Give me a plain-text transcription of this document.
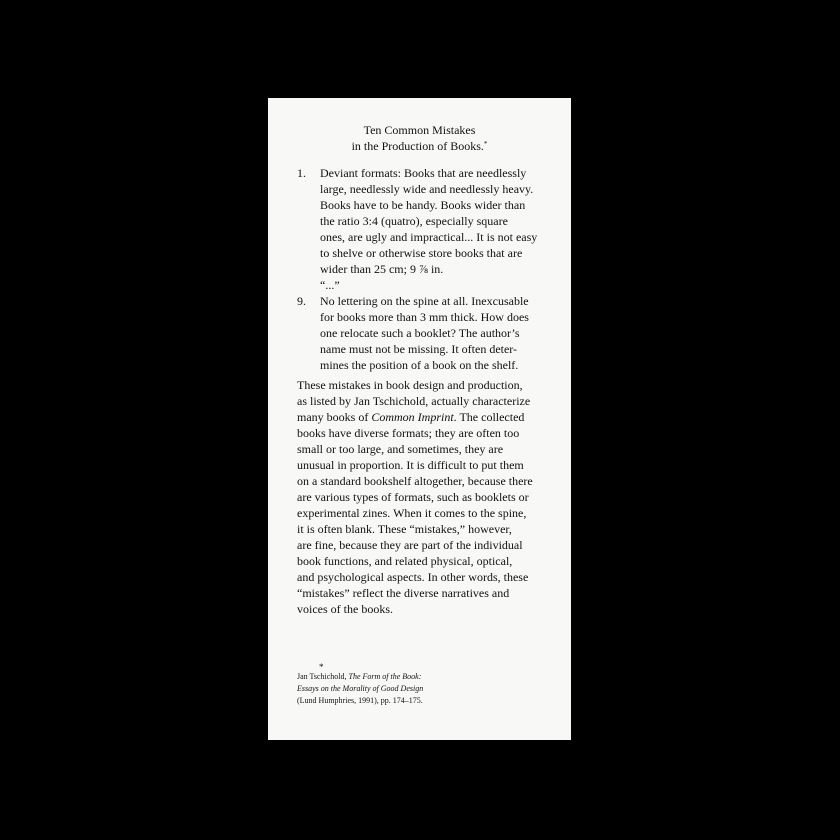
Ten Common Mistakes
in the Production of Books.*
1. Deviant formats: Books that are needlessly
large, needlessly wide and needlessly heavy.
Books have to be handy. Books wider than
the ratio 3:4 (quatro), especially square
ones, are ugly and impractical... It is not easy
to shelve or otherwise store books that are
wider than 25 cm; 9 ⅞ in.
“...”
9. No lettering on the spine at all. Inexcusable
for books more than 3 mm thick. How does
one relocate such a booklet? The author’s
name must not be missing. It often deter-
mines the position of a book on the shelf.
These mistakes in book design and production,
as listed by Jan Tschichold, actually characterize
many books of Common Imprint. The collected
books have diverse formats; they are often too
small or too large, and sometimes, they are
unusual in proportion. It is difficult to put them
on a standard bookshelf altogether, because there
are various types of formats, such as booklets or
experimental zines. When it comes to the spine,
it is often blank. These “mistakes,” however,
are fine, because they are part of the individual
book functions, and related physical, optical,
and psychological aspects. In other words, these
“mistakes” reflect the diverse narratives and
voices of the books.
*
Jan Tschichold, The Form of the Book:
Essays on the Morality of Good Design
(Lund Humphries, 1991), pp. 174–175.
